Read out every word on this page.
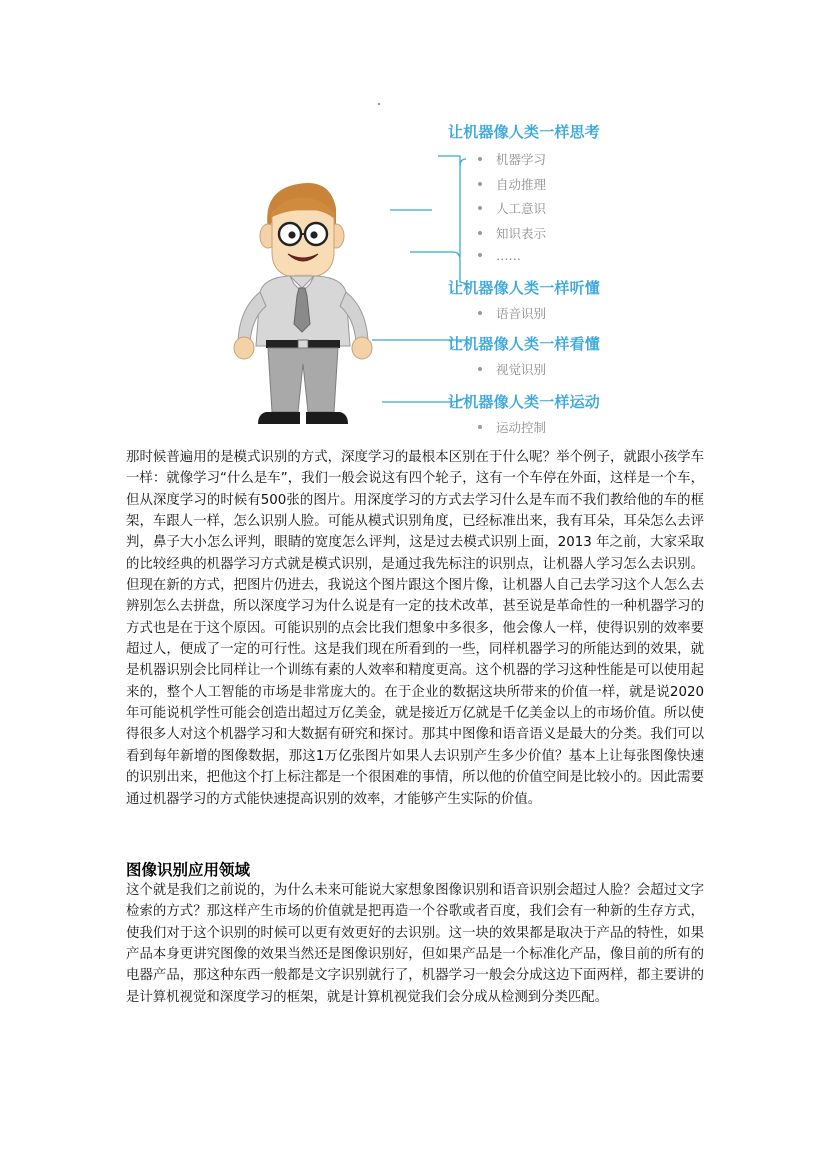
让机器像人类一样思考
机器学习
自动推理
人工意识
知识表示
……
让机器像人类一样听懂
语音识别
让机器像人类一样看懂
视觉识别
让机器像人类一样运动
运动控制
那时候普遍用的是模式识别的方式，深度学习的最根本区别在于什么呢？举个例子，就跟小孩学车一样：就像学习“什么是车”，我们一般会说这有四个轮子，这有一个车停在外面，这样是一个车，但从深度学习的时候有500张的图片。用深度学习的方式去学习什么是车而不我们教给他的车的框架，车跟人一样，怎么识别人脸。可能从模式识别角度，已经标准出来，我有耳朵，耳朵怎么去评判，鼻子大小怎么评判，眼睛的宽度怎么评判，这是过去模式识别上面，2013 年之前，大家采取的比较经典的机器学习方式就是模式识别，是通过我先标注的识别点，让机器人学习怎么去识别。但现在新的方式，把图片仍进去，我说这个图片跟这个图片像，让机器人自己去学习这个人怎么去辨别怎么去拼盘，所以深度学习为什么说是有一定的技术改革，甚至说是革命性的一种机器学习的方式也是在于这个原因。可能识别的点会比我们想象中多很多，他会像人一样，使得识别的效率要超过人，便成了一定的可行性。这是我们现在所看到的一些，同样机器学习的所能达到的效果，就是机器识别会比同样让一个训练有素的人效率和精度更高。这个机器的学习这种性能是可以使用起来的，整个人工智能的市场是非常庞大的。在于企业的数据这块所带来的价值一样，就是说2020年可能说机学性可能会创造出超过万亿美金，就是接近万亿就是千亿美金以上的市场价值。所以使得很多人对这个机器学习和大数据有研究和探讨。那其中图像和语音语义是最大的分类。我们可以看到每年新增的图像数据，那这1万亿张图片如果人去识别产生多少价值？基本上让每张图像快速的识别出来，把他这个打上标注都是一个很困难的事情，所以他的价值空间是比较小的。因此需要通过机器学习的方式能快速提高识别的效率，才能够产生实际的价值。
图像识别应用领域
这个就是我们之前说的，为什么未来可能说大家想象图像识别和语音识别会超过人脸？会超过文字检索的方式？那这样产生市场的价值就是把再造一个谷歌或者百度，我们会有一种新的生存方式，使我们对于这个识别的时候可以更有效更好的去识别。这一块的效果都是取决于产品的特性，如果产品本身更讲究图像的效果当然还是图像识别好，但如果产品是一个标准化产品，像目前的所有的电器产品，那这种东西一般都是文字识别就行了，机器学习一般会分成这边下面两样，都主要讲的是计算机视觉和深度学习的框架，就是计算机视觉我们会分成从检测到分类匹配。
